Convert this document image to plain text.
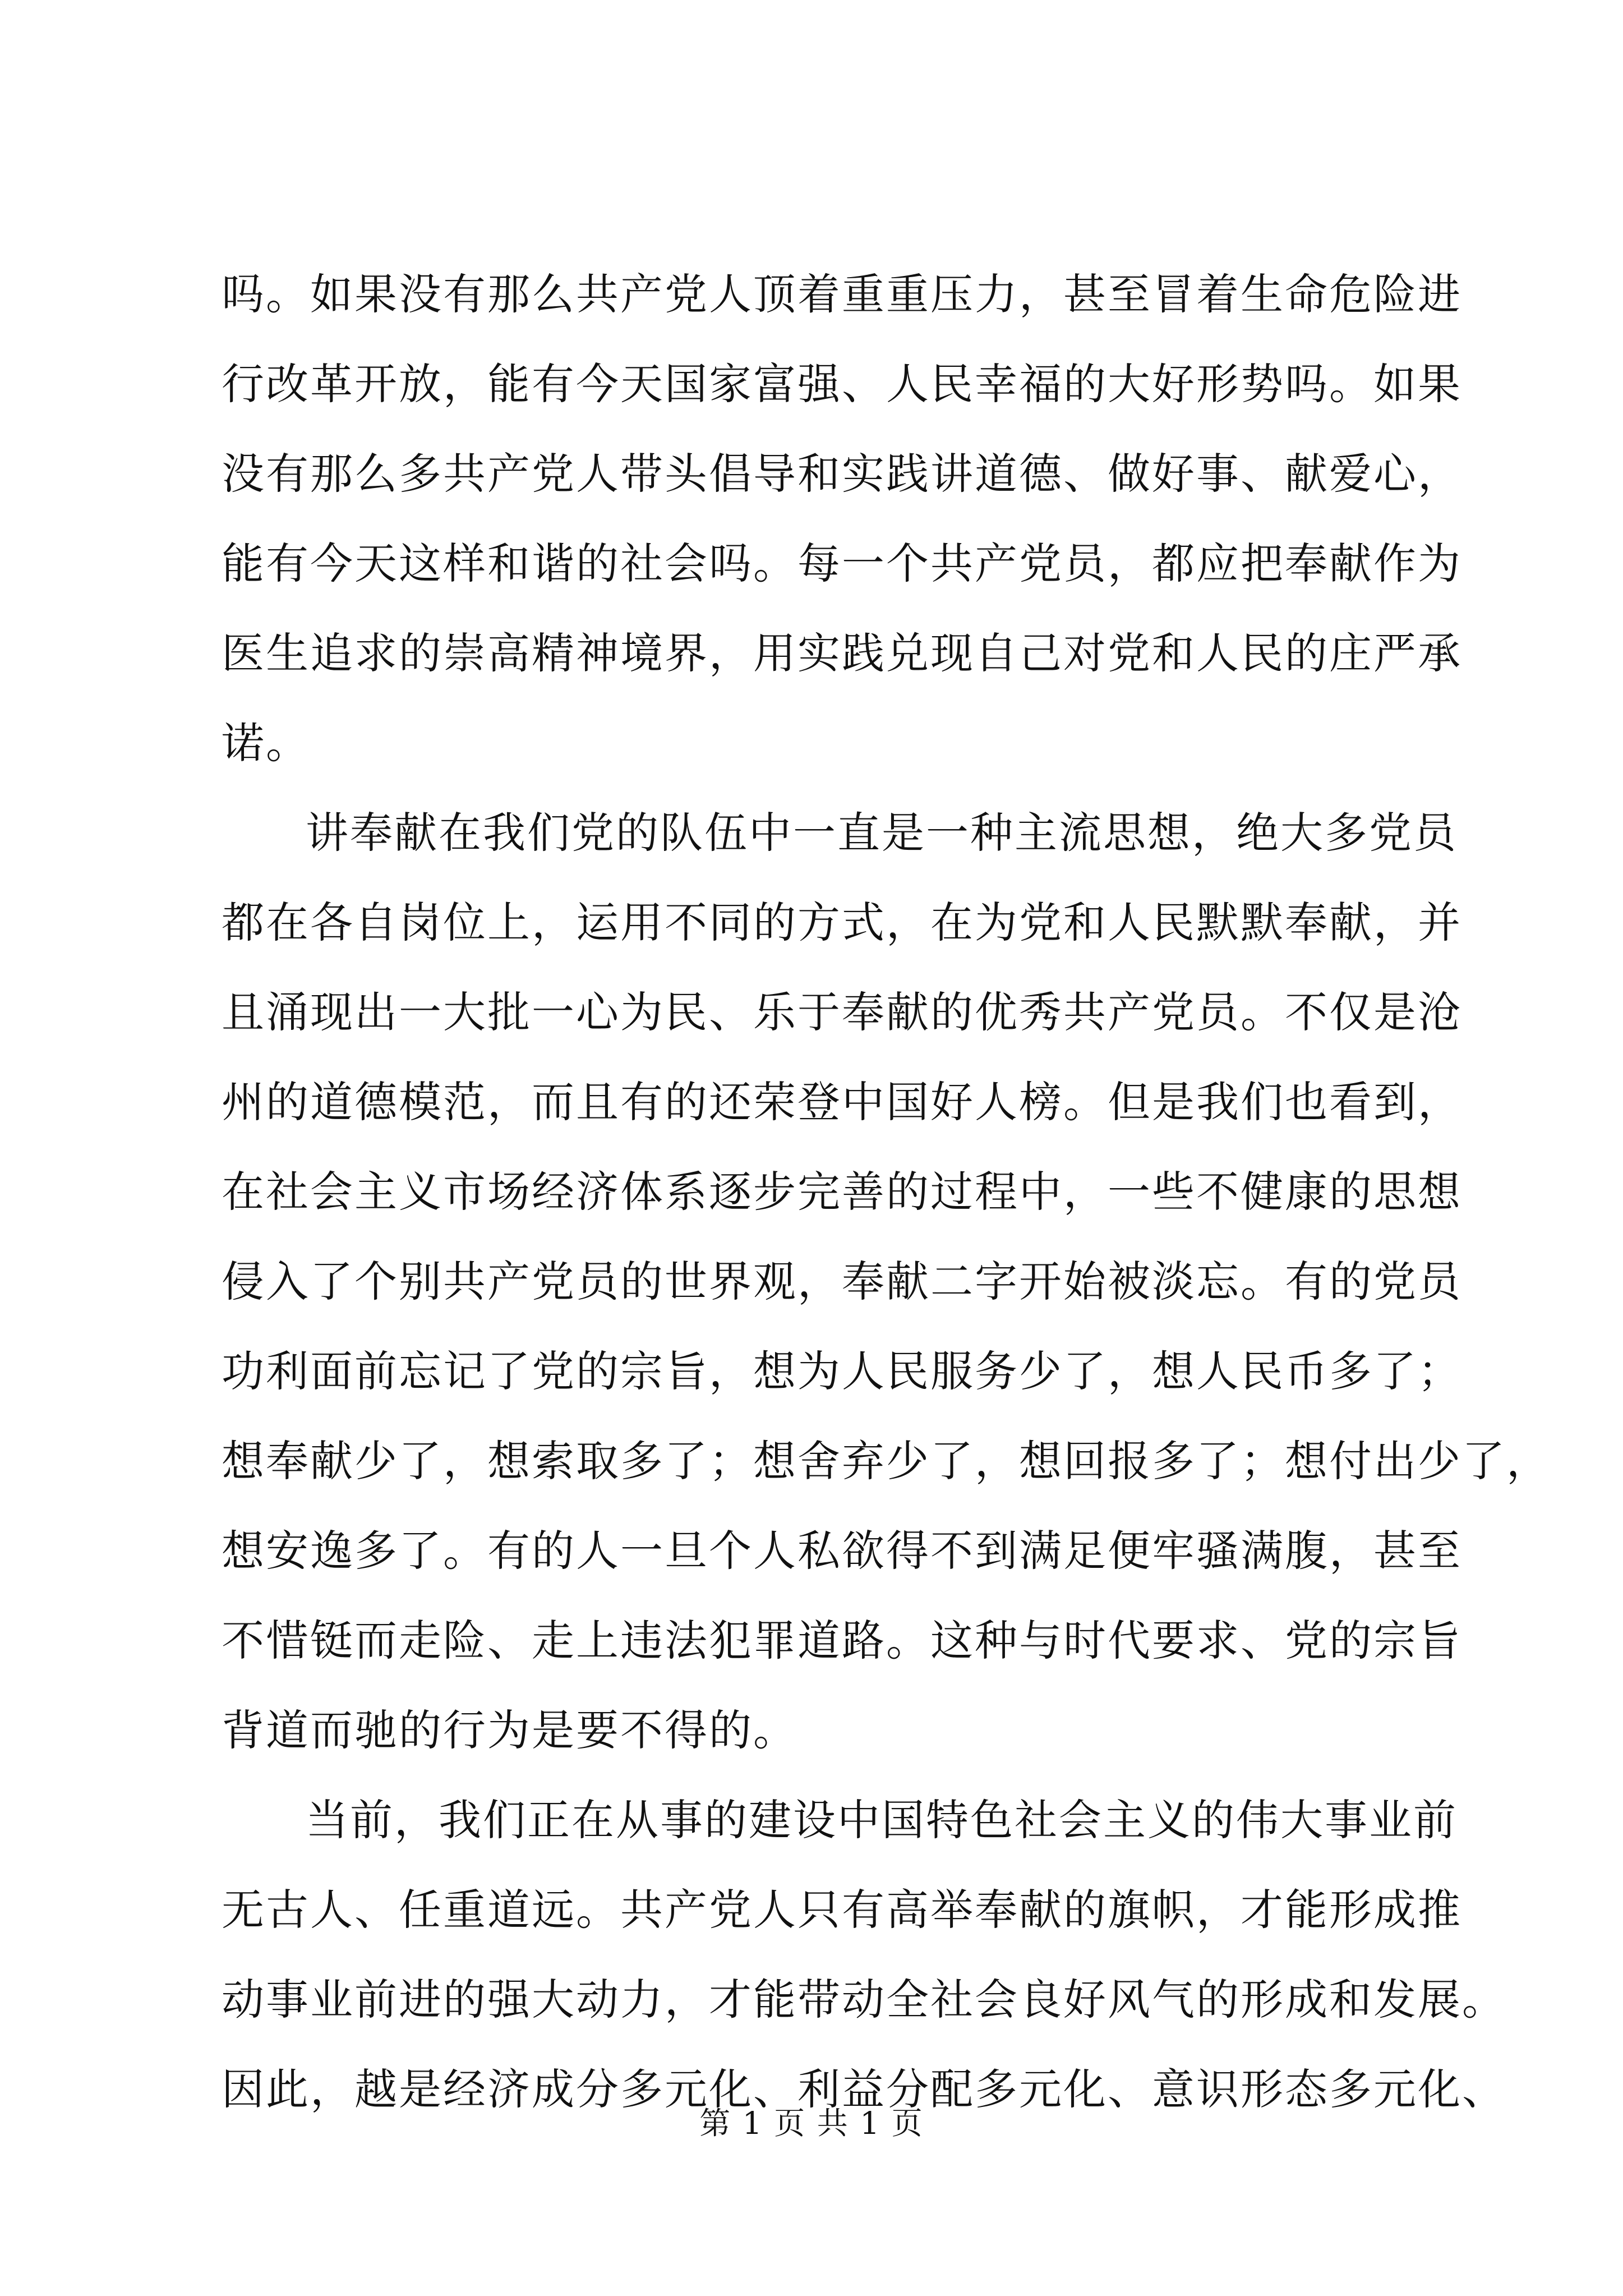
吗。如果没有那么共产党人顶着重重压力，甚至冒着生命危险进
行改革开放，能有今天国家富强、人民幸福的大好形势吗。如果
没有那么多共产党人带头倡导和实践讲道德、做好事、献爱心，
能有今天这样和谐的社会吗。每一个共产党员，都应把奉献作为
医生追求的崇高精神境界，用实践兑现自己对党和人民的庄严承
诺。
讲奉献在我们党的队伍中一直是一种主流思想，绝大多党员
都在各自岗位上，运用不同的方式，在为党和人民默默奉献，并
且涌现出一大批一心为民、乐于奉献的优秀共产党员。不仅是沧
州的道德模范，而且有的还荣登中国好人榜。但是我们也看到，
在社会主义市场经济体系逐步完善的过程中，一些不健康的思想
侵入了个别共产党员的世界观，奉献二字开始被淡忘。有的党员
功利面前忘记了党的宗旨，想为人民服务少了，想人民币多了；
想奉献少了，想索取多了；想舍弃少了，想回报多了；想付出少了，
想安逸多了。有的人一旦个人私欲得不到满足便牢骚满腹，甚至
不惜铤而走险、走上违法犯罪道路。这种与时代要求、党的宗旨
背道而驰的行为是要不得的。
当前，我们正在从事的建设中国特色社会主义的伟大事业前
无古人、任重道远。共产党人只有高举奉献的旗帜，才能形成推
动事业前进的强大动力，才能带动全社会良好风气的形成和发展。
因此，越是经济成分多元化、利益分配多元化、意识形态多元化、
第 1 页 共 1 页
